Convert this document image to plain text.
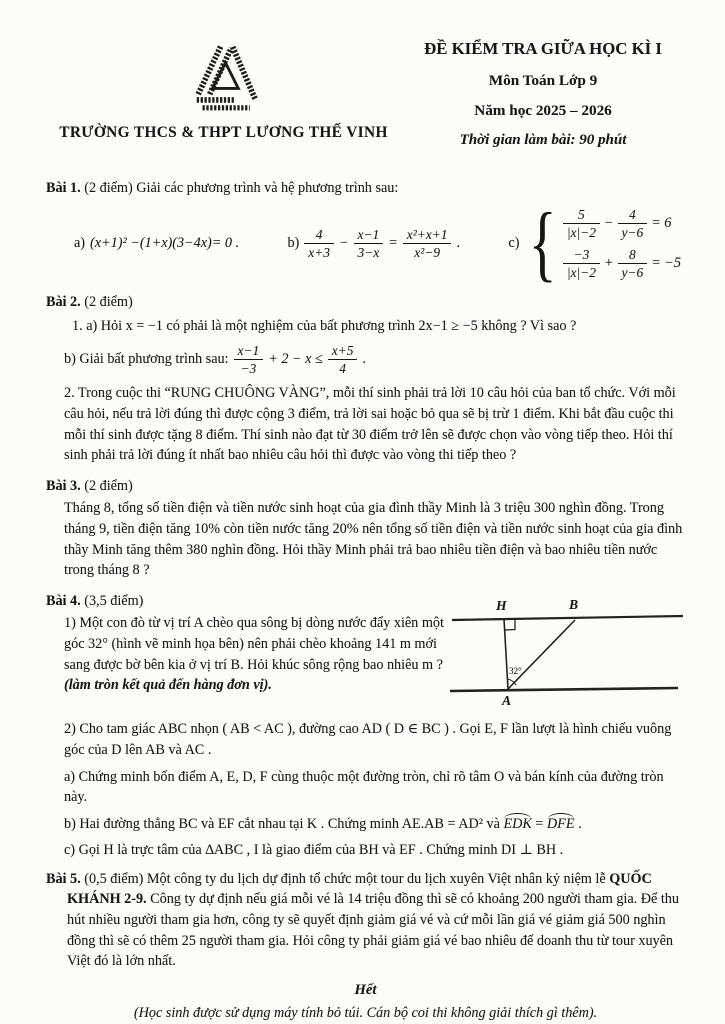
TRƯỜNG THCS & THPT LƯƠNG THẾ VINH
ĐỀ KIỂM TRA GIỮA HỌC KÌ I
Môn Toán Lớp 9
Năm học 2025 – 2026
Thời gian làm bài: 90 phút

Bài 1. (2 điểm) Giải các phương trình và hệ phương trình sau:

a) (x+1)² −(1+x)(3−4x)= 0 .	$b) \frac{4}{x+3} - \frac{x-1}{3-x} = \frac{\text{x²+x+1}}{\text{x²−9}}$ .	c) { $\frac{5}{|x|-2} - \frac{4}{y-6} = 6$
$\frac{-3}{|x|-2} + \frac{8}{y-6} = -5$

Bài 2. (2 điểm)

1. a) Hỏi x = −1 có phải là một nghiệm của bất phương trình 2x−1 ≥ −5 không ? Vì sao ?

b) Giải bất phương trình sau: $\frac{x-1}{-3} + 2 - x \le \frac{x+5}{4}$ .

2. Trong cuộc thi “RUNG CHUÔNG VÀNG”, mỗi thí sinh phải trả lời 10 câu hỏi của ban tổ chức. Với mỗi câu hỏi, nếu trả lời đúng thì được cộng 3 điểm, trả lời sai hoặc bỏ qua sẽ bị trừ 1 điểm. Khi bắt đầu cuộc thi mỗi thí sinh được tặng 8 điểm. Thí sinh nào đạt từ 30 điểm trở lên sẽ được chọn vào vòng tiếp theo. Hỏi thí sinh phải trả lời đúng ít nhất bao nhiêu câu hỏi thì được vào vòng thi tiếp theo ?

Bài 3. (2 điểm)

Tháng 8, tổng số tiền điện và tiền nước sinh hoạt của gia đình thầy Minh là 3 triệu 300 nghìn đồng. Trong tháng 9, tiền điện tăng 10% còn tiền nước tăng 20% nên tổng số tiền điện và tiền nước sinh hoạt của gia đình thầy Minh tăng thêm 380 nghìn đồng. Hỏi thầy Minh phải trả bao nhiêu tiền điện và bao nhiêu tiền nước trong tháng 8 ?

Bài 4. (3,5 điểm)

1) Một con đò từ vị trí A chèo qua sông bị dòng nước đẩy xiên một góc 32° (hình vẽ minh họa bên) nên phải chèo khoảng 141 m mới sang được bờ bên kia ở vị trí B. Hỏi khúc sông rộng bao nhiêu m ? (làm tròn kết quả đến hàng đơn vị).

H	B
A
32°

2) Cho tam giác ABC nhọn ( AB < AC ), đường cao AD ( D ∈ BC ) . Gọi E, F lần lượt là hình chiếu vuông góc của D lên AB và AC .

a) Chứng minh bốn điểm A, E, D, F cùng thuộc một đường tròn, chỉ rõ tâm O và bán kính của đường tròn này.

b) Hai đường thẳng BC và EF cắt nhau tại K . Chứng minh AE.AB = AD² và EDK = DFE .

c) Gọi H là trực tâm của ∆ABC , I là giao điểm của BH và EF . Chứng minh DI ⊥ BH .

Bài 5. (0,5 điểm) Một công ty du lịch dự định tổ chức một tour du lịch xuyên Việt nhân kỷ niệm lễ QUỐC KHÁNH 2-9. Công ty dự định nếu giá mỗi vé là 14 triệu đồng thì sẽ có khoảng 200 người tham gia. Để thu hút nhiều người tham gia hơn, công ty sẽ quyết định giảm giá vé và cứ mỗi lần giá vé giảm giá 500 nghìn đồng thì sẽ có thêm 25 người tham gia. Hỏi công ty phải giảm giá vé bao nhiêu để doanh thu từ tour xuyên Việt đó là lớn nhất.

Hết
(Học sinh được sử dụng máy tính bỏ túi. Cán bộ coi thi không giải thích gì thêm).
